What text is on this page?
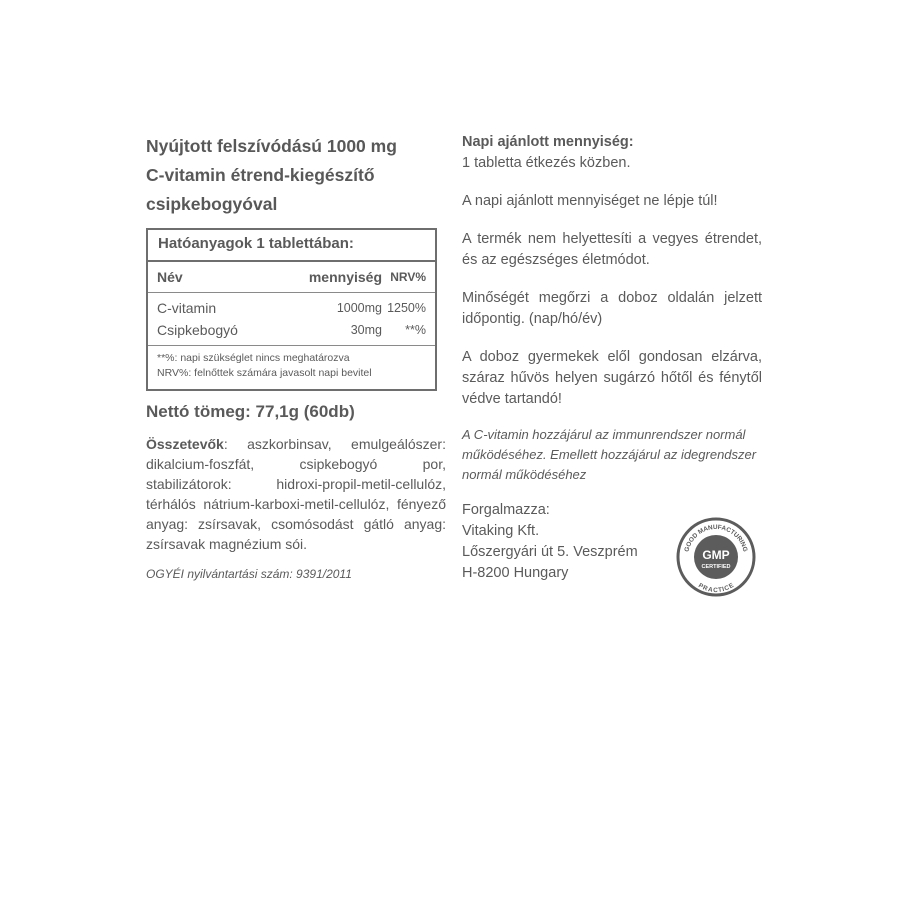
Nyújtott felszívódású 1000 mg
C-vitamin étrend-kiegészítő
csipkebogyóval

Hatóanyagok 1 tablettában:
Név	mennyiség	NRV%
C-vitamin	1000mg	1250%
Csipkebogyó	30mg	**%
**%: napi szükséglet nincs meghatározva
NRV%: felnőttek számára javasolt napi bevitel
Nettó tömeg: 77,1g (60db)
Összetevők: aszkorbinsav, emulgeálószer: dikalcium-foszfát, csipkebogyó por, stabilizátorok: hidroxi-propil-metil-cellulóz, térhálós nátrium-karboxi-metil-cellulóz, fényező anyag: zsírsavak, csomósodást gátló anyag: zsírsavak magnézium sói.
OGYÉI nyilvántartási szám: 9391/2011
Napi ajánlott mennyiség:
1 tabletta étkezés közben.
A napi ajánlott mennyiséget ne lépje túl!
A termék nem helyettesíti a vegyes étrendet, és az egészséges életmódot.
Minőségét megőrzi a doboz oldalán jelzett időpontig. (nap/hó/év)
A doboz gyermekek elől gondosan elzárva, száraz hűvös helyen sugárzó hőtől és fénytől védve tartandó!
A C-vitamin hozzájárul az immunrendszer normál működéséhez. Emellett hozzájárul az idegrendszer normál működéséhez
Forgalmazza:
Vitaking Kft.
Lőszergyári út 5. Veszprém
H-8200 Hungary
GOOD MANUFACTURING
PRACTICE
GMP
CERTIFIED
